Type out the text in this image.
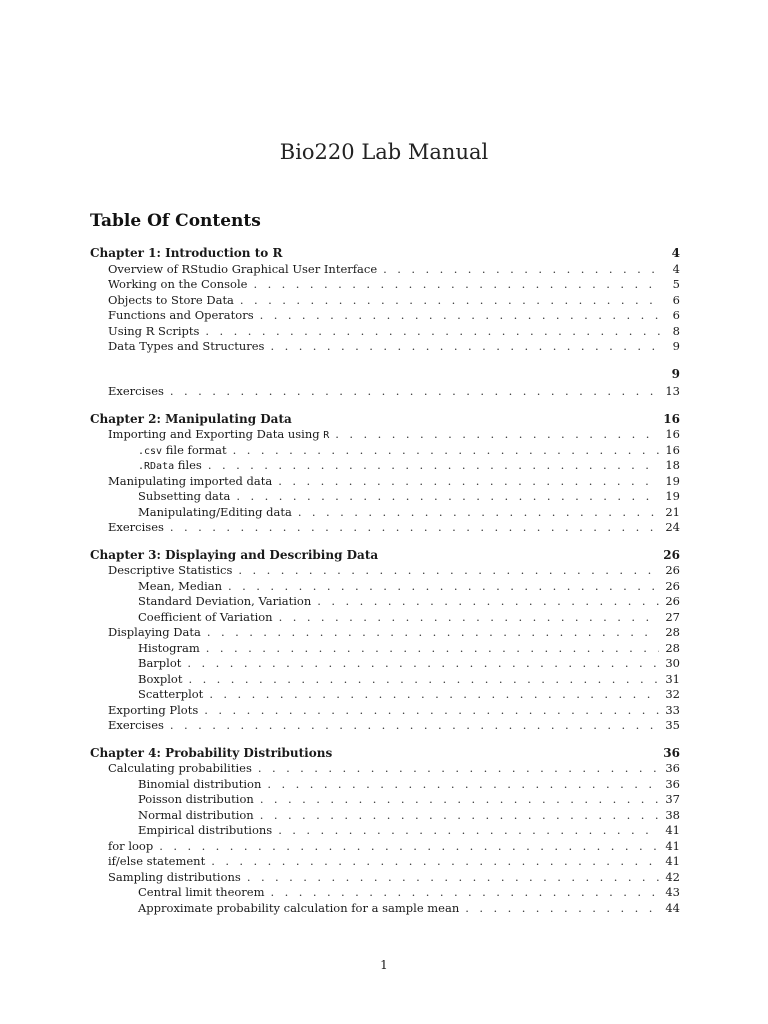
Bio220 Lab Manual
Table Of Contents
Chapter 1: Introduction to R	4
Overview of RStudio Graphical User Interface . . .	4
Working on the Console . . .	5
Objects to Store Data . . .	6
Functions and Operators . . .	6
Using R Scripts . . .	8
Data Types and Structures . . .	9
9
Exercises . . .	13
Chapter 2: Manipulating Data	16
Importing and Exporting Data using R . . .	16
.csv file format . . .	16
.RData files . . .	18
Manipulating imported data . . .	19
Subsetting data . . .	19
Manipulating/Editing data . . .	21
Exercises . . .	24
Chapter 3: Displaying and Describing Data	26
Descriptive Statistics . . .	26
Mean, Median . . .	26
Standard Deviation, Variation . . .	26
Coefficient of Variation . . .	27
Displaying Data . . .	28
Histogram . . .	28
Barplot . . .	30
Boxplot . . .	31
Scatterplot . . .	32
Exporting Plots . . .	33
Exercises . . .	35
Chapter 4: Probability Distributions	36
Calculating probabilities . . .	36
Binomial distribution . . .	36
Poisson distribution . . .	37
Normal distribution . . .	38
Empirical distributions . . .	41
for loop . . .	41
if/else statement . . .	41
Sampling distributions . . .	42
Central limit theorem . . .	43
Approximate probability calculation for a sample mean . . .	44
1
